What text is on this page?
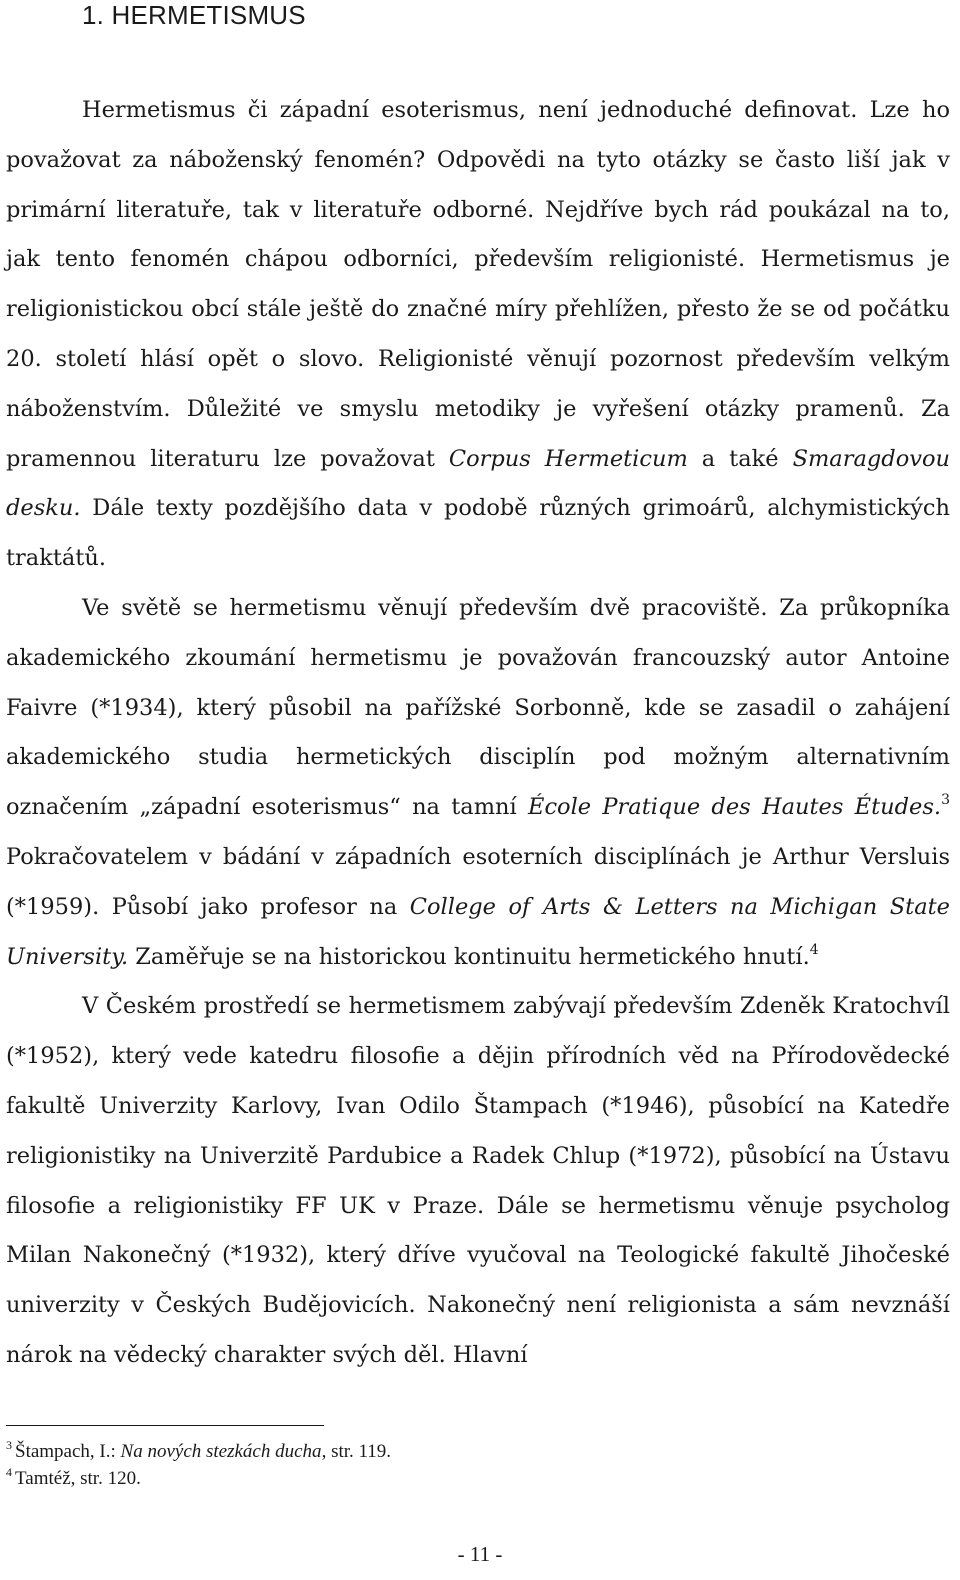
1. HERMETISMUS

Hermetismus či západní esoterismus, není jednoduché definovat. Lze ho považovat za náboženský fenomén? Odpovědi na tyto otázky se často liší jak v primární literatuře, tak v literatuře odborné. Nejdříve bych rád poukázal na to, jak tento fenomén chápou odborníci, především religionisté. Hermetismus je religionistickou obcí stále ještě do značné míry přehlížen, přesto že se od počátku 20. století hlásí opět o slovo. Religionisté věnují pozornost především velkým náboženstvím. Důležité ve smyslu metodiky je vyřešení otázky pramenů. Za pramennou literaturu lze považovat Corpus Hermeticum a také Smaragdovou desku. Dále texty pozdějšího data v podobě různých grimoárů, alchymistických traktátů.

Ve světě se hermetismu věnují především dvě pracoviště. Za průkopníka akademického zkoumání hermetismu je považován francouzský autor Antoine Faivre (*1934), který působil na pařížské Sorbonně, kde se zasadil o zahájení akademického studia hermetických disciplín pod možným alternativním označením „západní esoterismus“ na tamní École Pratique des Hautes Études.$^3$ Pokračovatelem v bádání v západních esoterních disciplínách je Arthur Versluis (*1959). Působí jako profesor na College of Arts & Letters na Michigan State University. Zaměřuje se na historickou kontinuitu hermetického hnutí.$^4$

V Českém prostředí se hermetismem zabývají především Zdeněk Kratochvíl (*1952), který vede katedru filosofie a dějin přírodních věd na Přírodovědecké fakultě Univerzity Karlovy, Ivan Odilo Štampach (*1946), působící na Katedře religionistiky na Univerzitě Pardubice a Radek Chlup (*1972), působící na Ústavu filosofie a religionistiky FF UK v Praze. Dále se hermetismu věnuje psycholog Milan Nakonečný (*1932), který dříve vyučoval na Teologické fakultě Jihočeské univerzity v Českých Budějovicích. Nakonečný není religionista a sám nevznáší nárok na vědecký charakter svých děl. Hlavní

$^3$ Štampach, I.: Na nových stezkách ducha, str. 119.

$^4$ Tamtéž, str. 120.

- 11 -
